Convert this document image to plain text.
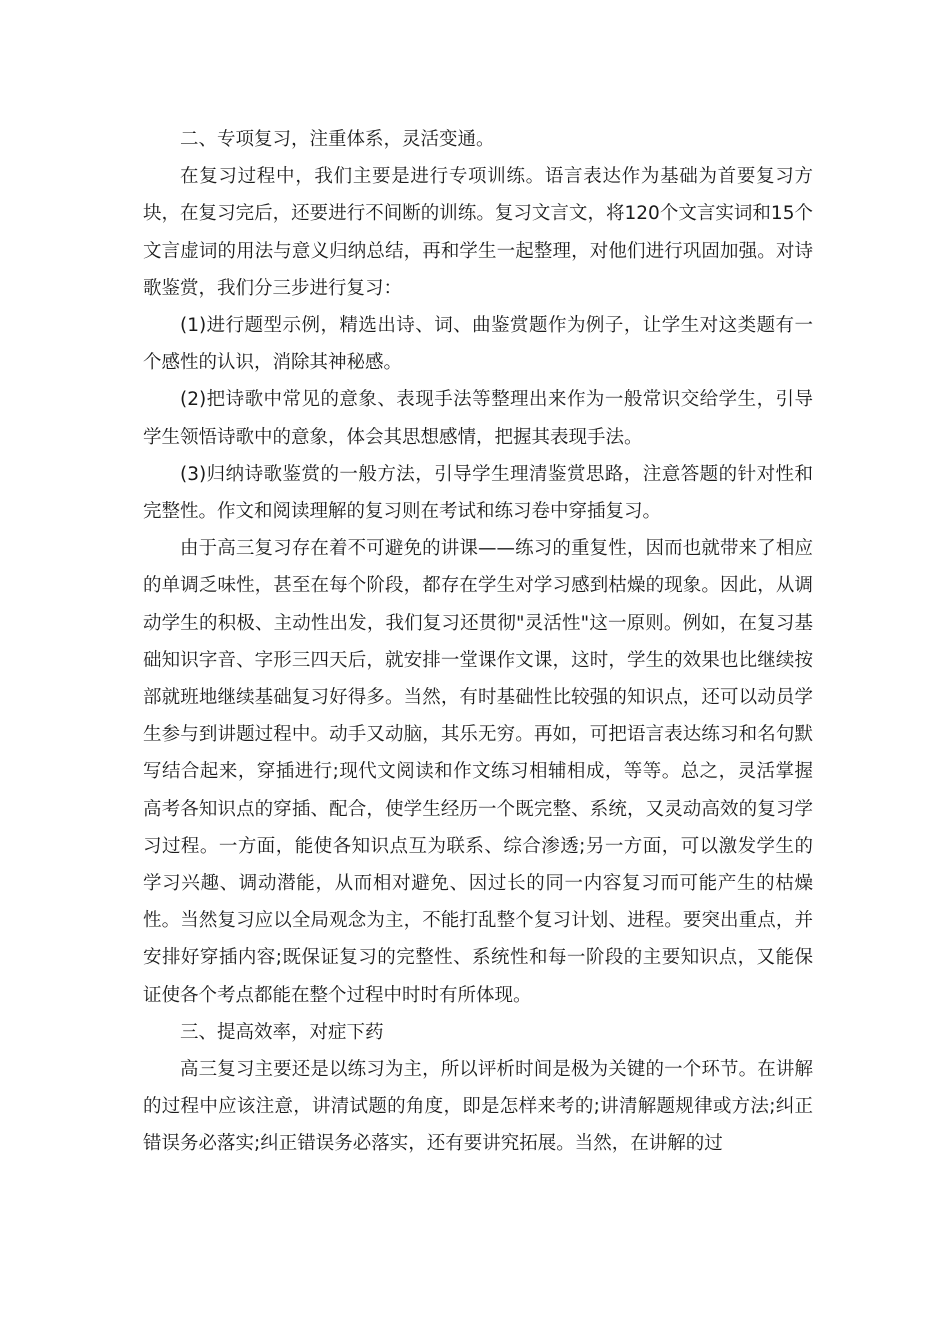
二、专项复习，注重体系，灵活变通。

在复习过程中，我们主要是进行专项训练。语言表达作为基础为首要复习方块，在复习完后，还要进行不间断的训练。复习文言文，将120个文言实词和15个文言虚词的用法与意义归纳总结，再和学生一起整理，对他们进行巩固加强。对诗歌鉴赏，我们分三步进行复习：

(1)进行题型示例，精选出诗、词、曲鉴赏题作为例子，让学生对这类题有一个感性的认识，消除其神秘感。

(2)把诗歌中常见的意象、表现手法等整理出来作为一般常识交给学生，引导学生领悟诗歌中的意象，体会其思想感情，把握其表现手法。

(3)归纳诗歌鉴赏的一般方法，引导学生理清鉴赏思路，注意答题的针对性和完整性。作文和阅读理解的复习则在考试和练习卷中穿插复习。

由于高三复习存在着不可避免的讲课——练习的重复性，因而也就带来了相应的单调乏味性，甚至在每个阶段，都存在学生对学习感到枯燥的现象。因此，从调动学生的积极、主动性出发，我们复习还贯彻"灵活性"这一原则。例如，在复习基础知识字音、字形三四天后，就安排一堂课作文课，这时，学生的效果也比继续按部就班地继续基础复习好得多。当然，有时基础性比较强的知识点，还可以动员学生参与到讲题过程中。动手又动脑，其乐无穷。再如，可把语言表达练习和名句默写结合起来，穿插进行;现代文阅读和作文练习相辅相成，等等。总之，灵活掌握高考各知识点的穿插、配合，使学生经历一个既完整、系统，又灵动高效的复习学习过程。一方面，能使各知识点互为联系、综合渗透;另一方面，可以激发学生的学习兴趣、调动潜能，从而相对避免、因过长的同一内容复习而可能产生的枯燥性。当然复习应以全局观念为主，不能打乱整个复习计划、进程。要突出重点，并安排好穿插内容;既保证复习的完整性、系统性和每一阶段的主要知识点，又能保证使各个考点都能在整个过程中时时有所体现。

三、提高效率，对症下药

高三复习主要还是以练习为主，所以评析时间是极为关键的一个环节。在讲解的过程中应该注意，讲清试题的角度，即是怎样来考的;讲清解题规律或方法;纠正错误务必落实;纠正错误务必落实，还有要讲究拓展。当然，在讲解的过
